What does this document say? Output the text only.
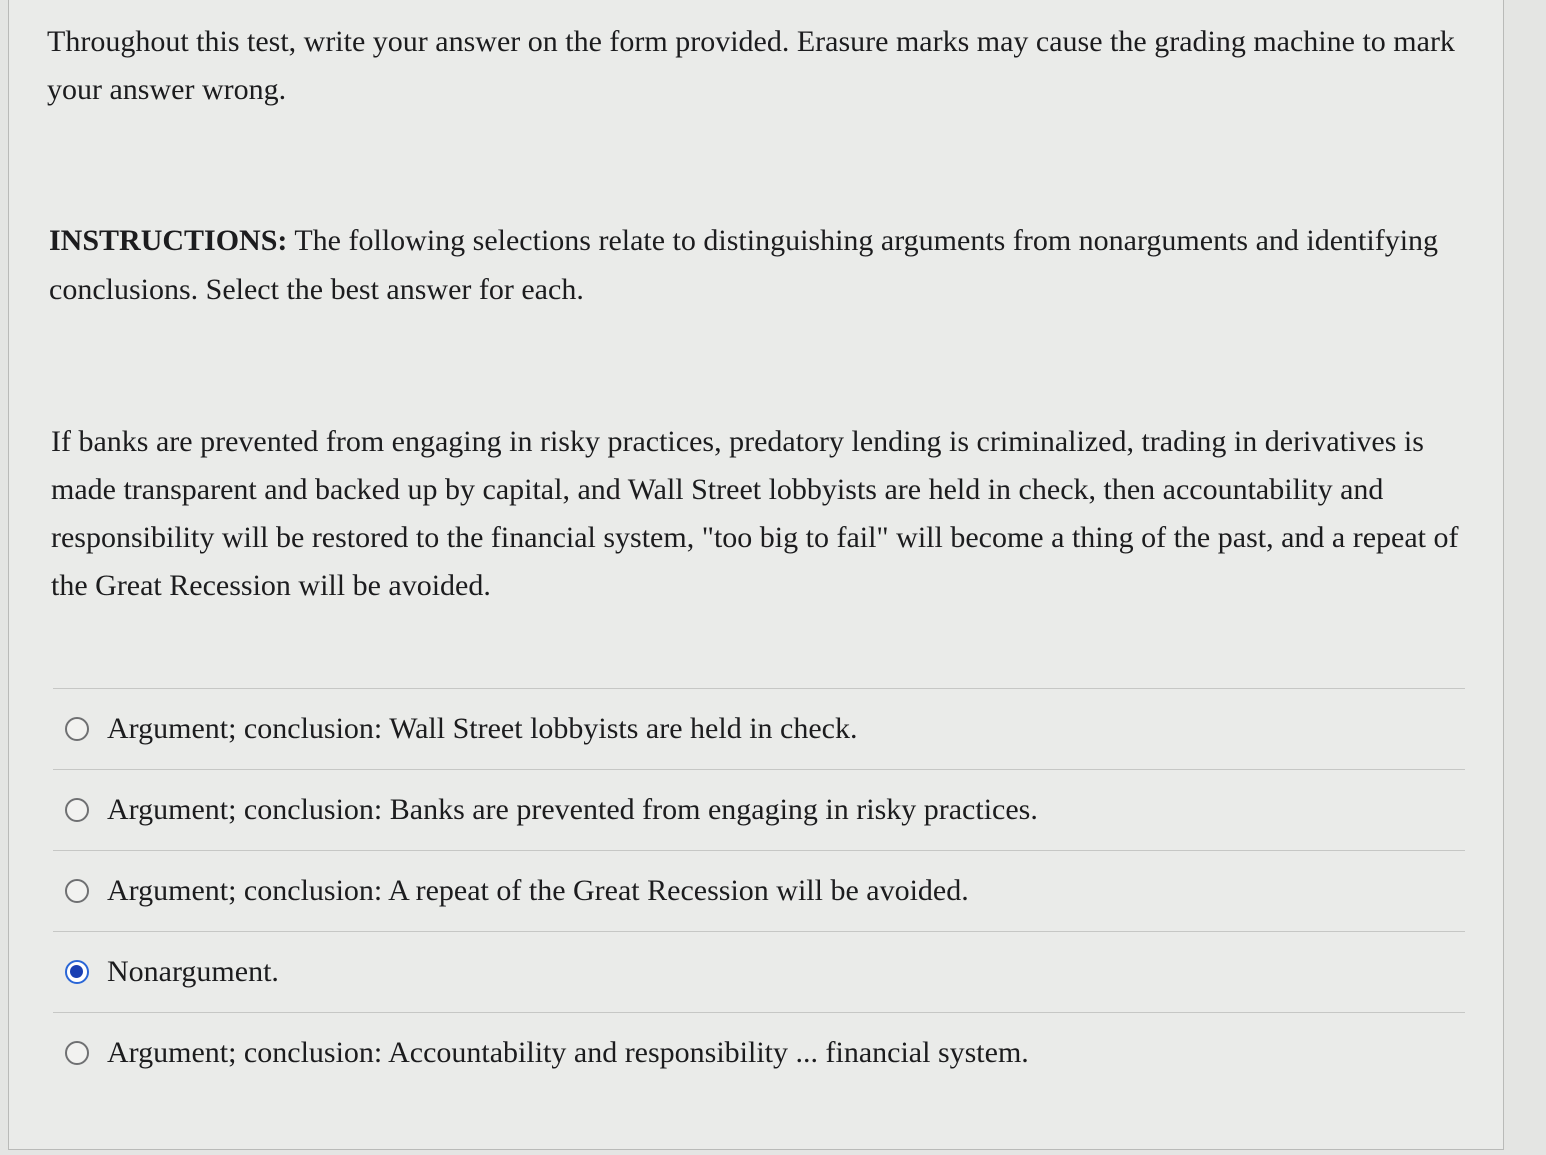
Throughout this test, write your answer on the form provided. Erasure marks may cause the grading machine to mark your answer wrong.

INSTRUCTIONS: The following selections relate to distinguishing arguments from nonarguments and identifying conclusions. Select the best answer for each.

If banks are prevented from engaging in risky practices, predatory lending is criminalized, trading in derivatives is made transparent and backed up by capital, and Wall Street lobbyists are held in check, then accountability and responsibility will be restored to the financial system, "too big to fail" will become a thing of the past, and a repeat of the Great Recession will be avoided.

Argument; conclusion: Wall Street lobbyists are held in check.
Argument; conclusion: Banks are prevented from engaging in risky practices.
Argument; conclusion: A repeat of the Great Recession will be avoided.
Nonargument.
Argument; conclusion: Accountability and responsibility ... financial system.
